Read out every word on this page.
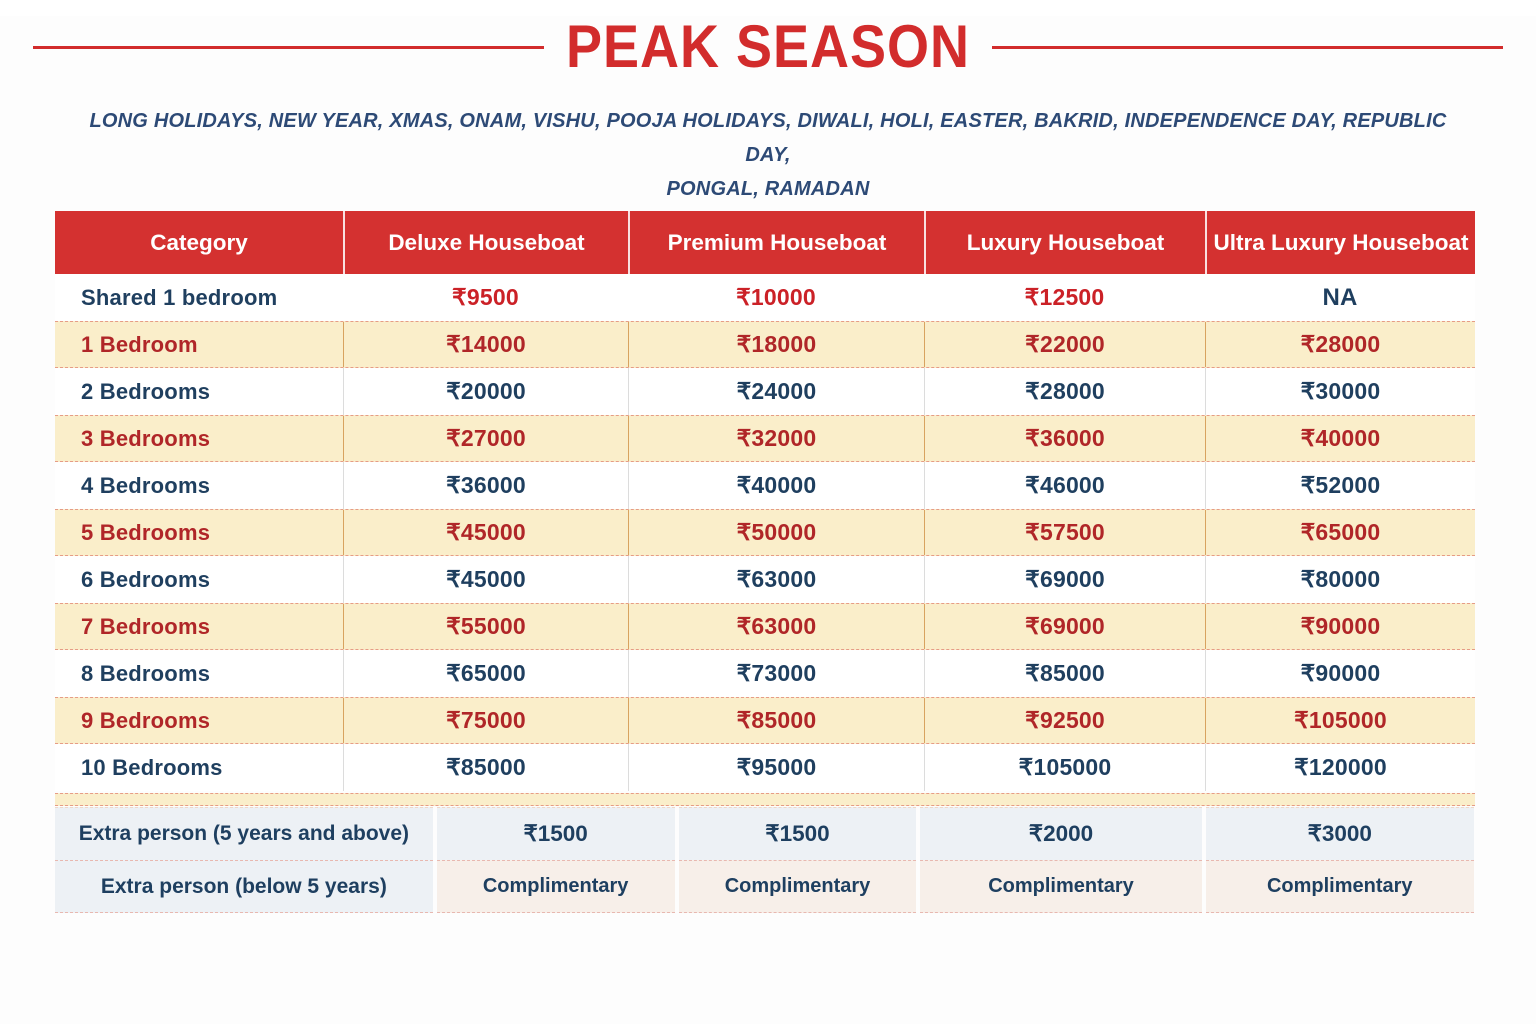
PEAK SEASON
LONG HOLIDAYS, NEW YEAR, XMAS, ONAM, VISHU, POOJA HOLIDAYS, DIWALI, HOLI, EASTER, BAKRID, INDEPENDENCE DAY, REPUBLIC DAY,
PONGAL, RAMADAN
Category	Deluxe Houseboat	Premium Houseboat	Luxury Houseboat	Ultra Luxury Houseboat
Shared 1 bedroom	₹9500	₹10000	₹12500	NA
1 Bedroom	₹14000	₹18000	₹22000	₹28000
2 Bedrooms	₹20000	₹24000	₹28000	₹30000
3 Bedrooms	₹27000	₹32000	₹36000	₹40000
4 Bedrooms	₹36000	₹40000	₹46000	₹52000
5 Bedrooms	₹45000	₹50000	₹57500	₹65000
6 Bedrooms	₹45000	₹63000	₹69000	₹80000
7 Bedrooms	₹55000	₹63000	₹69000	₹90000
8 Bedrooms	₹65000	₹73000	₹85000	₹90000
9 Bedrooms	₹75000	₹85000	₹92500	₹105000
10 Bedrooms	₹85000	₹95000	₹105000	₹120000
Extra person (5 years and above)	₹1500	₹1500	₹2000	₹3000
Extra person (below 5 years)	Complimentary	Complimentary	Complimentary	Complimentary
